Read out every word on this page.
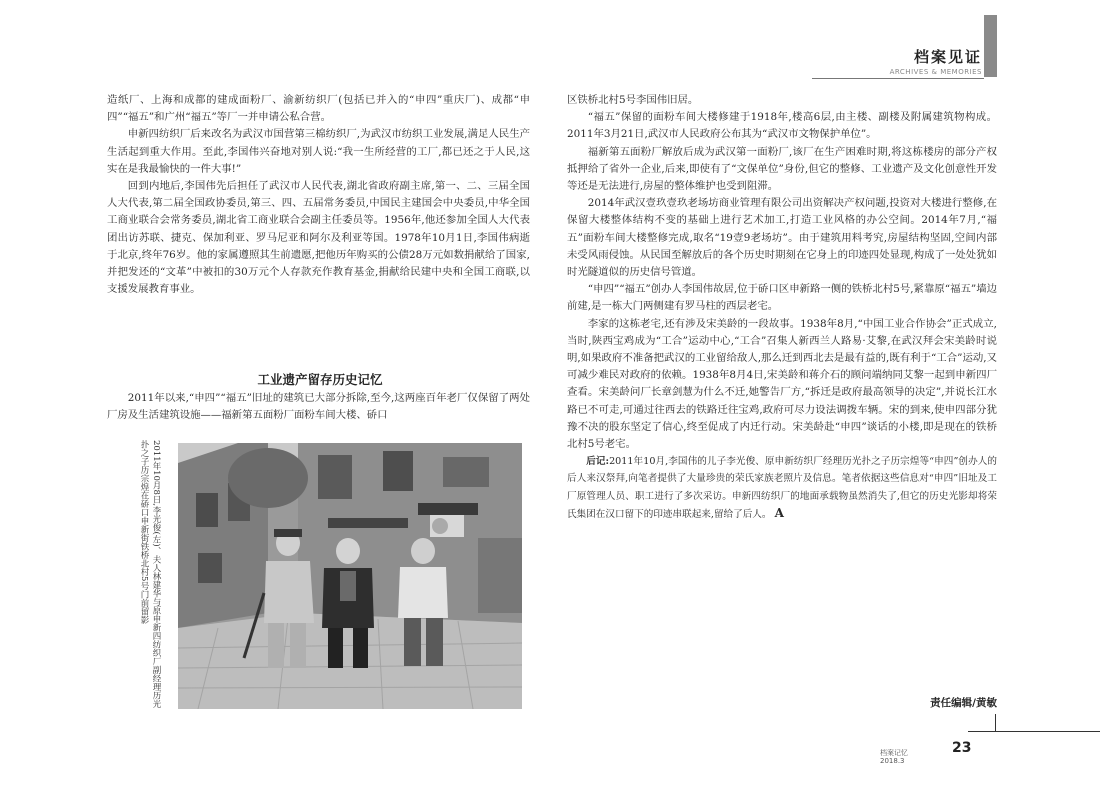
档案见证
ARCHIVES & MEMORIES

造纸厂、上海和成都的建成面粉厂、渝新纺织厂(包括已并入的“申四”重庆厂)、成都“申四”“福五”和广州“福五”等厂一并申请公私合营。

申新四纺织厂后来改名为武汉市国营第三棉纺织厂,为武汉市纺织工业发展,满足人民生产生活起到重大作用。至此,李国伟兴奋地对别人说:“我一生所经营的工厂,都已还之于人民,这实在是我最愉快的一件大事!”

回到内地后,李国伟先后担任了武汉市人民代表,湖北省政府副主席,第一、二、三届全国人大代表,第二届全国政协委员,第三、四、五届常务委员,中国民主建国会中央委员,中华全国工商业联合会常务委员,湖北省工商业联合会副主任委员等。1956年,他还参加全国人大代表团出访苏联、捷克、保加利亚、罗马尼亚和阿尔及利亚等国。1978年10月1日,李国伟病逝于北京,终年76岁。他的家属遵照其生前遗愿,把他历年购买的公债28万元如数捐献给了国家,并把发还的“文革”中被扣的30万元个人存款充作教育基金,捐献给民建中央和全国工商联,以支援发展教育事业。

工业遗产留存历史记忆

2011年以来,“申四”“福五”旧址的建筑已大部分拆除,至今,这两座百年老厂仅保留了两处厂房及生活建筑设施——福新第五面粉厂面粉车间大楼、硚口

2011年10月8日,李光俊(左)、夫人林建华与原申新四纺织厂副经理历光扑之子历宗煌在硚口申新街铁桥北村5号门前留影

区铁桥北村5号李国伟旧居。

“福五”保留的面粉车间大楼修建于1918年,楼高6层,由主楼、副楼及附属建筑物构成。2011年3月21日,武汉市人民政府公布其为“武汉市文物保护单位”。

福新第五面粉厂解放后成为武汉第一面粉厂,该厂在生产困难时期,将这栋楼房的部分产权抵押给了省外一企业,后来,即使有了“文保单位”身份,但它的整修、工业遗产及文化创意性开发等还是无法进行,房屋的整体维护也受到阻滞。

2014年武汉壹玖壹玖老场坊商业管理有限公司出资解决产权问题,投资对大楼进行整修,在保留大楼整体结构不变的基础上进行艺术加工,打造工业风格的办公空间。2014年7月,“福五”面粉车间大楼整修完成,取名“19壹9老场坊”。由于建筑用料考究,房屋结构坚固,空间内部未受风雨侵蚀。从民国至解放后的各个历史时期刻在它身上的印迹四处显现,构成了一处处犹如时光隧道似的历史信号管道。

“申四”“福五”创办人李国伟故居,位于硚口区申新路一侧的铁桥北村5号,紧靠原“福五”墙边前建,是一栋大门两侧建有罗马柱的西层老宅。

李家的这栋老宅,还有涉及宋美龄的一段故事。1938年8月,“中国工业合作协会”正式成立,当时,陕西宝鸡成为“工合”运动中心,“工合”召集人新西兰人路易·艾黎,在武汉拜会宋美龄时说明,如果政府不准备把武汉的工业留给敌人,那么迁到西北去是最有益的,既有利于“工合”运动,又可减少难民对政府的依赖。1938年8月4日,宋美龄和蒋介石的顾问端纳同艾黎一起到申新四厂查看。宋美龄问厂长章剑慧为什么不迁,她警告厂方,“拆迁是政府最高领导的决定”,并说长江水路已不可走,可通过往西去的铁路迁往宝鸡,政府可尽力设法调拨车辆。宋的到来,使申四部分犹豫不决的股东坚定了信心,终至促成了内迁行动。宋美龄赴“申四”谈话的小楼,即是现在的铁桥北村5号老宅。

后记:2011年10月,李国伟的儿子李光俊、原申新纺织厂经理历光扑之子历宗煌等“申四”创办人的后人来汉祭拜,向笔者提供了大量珍贵的荣氏家族老照片及信息。笔者依据这些信息对“申四”旧址及工厂原管理人员、职工进行了多次采访。申新四纺织厂的地面承载物虽然消失了,但它的历史光影却将荣氏集团在汉口留下的印迹串联起来,留给了后人。 A

责任编辑/黄敏
档案记忆	23
2018.3
